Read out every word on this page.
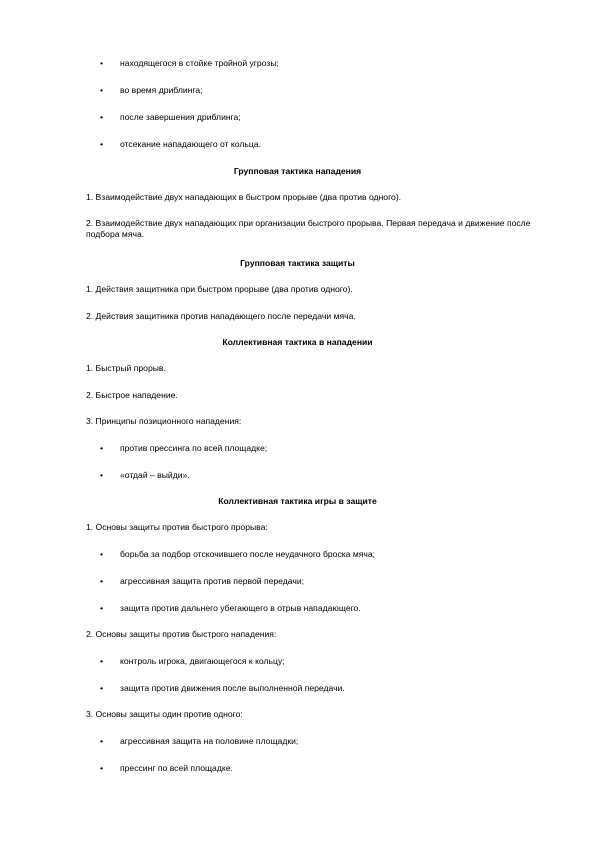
• находящегося в стойке тройной угрозы;
• во время дриблинга;
• после завершения дриблинга;
• отсекание нападающего от кольца.
Групповая тактика нападения
1. Взаимодействие двух нападающих в быстром прорыве (два против одного).
2. Взаимодействие двух нападающих при организации быстрого прорыва. Первая передача и движение после подбора мяча.
Групповая тактика защиты
1. Действия защитника при быстром прорыве (два против одного).
2. Действия защитника против нападающего после передачи мяча.
Коллективная тактика в нападении
1. Быстрый прорыв.
2. Быстрое нападение.
3. Принципы позиционного нападения:
• против прессинга по всей площадке;
• «отдай – выйди».
Коллективная тактика игры в защите
1. Основы защиты против быстрого прорыва:
• борьба за подбор отскочившего после неудачного броска мяча;
• агрессивная защита против первой передачи;
• защита против дальнего убегающего в отрыв нападающего.
2. Основы защиты против быстрого нападения:
• контроль игрока, двигающегося к кольцу;
• защита против движения после выполненной передачи.
3. Основы защиты один против одного:
• агрессивная защита на половине площадки;
• прессинг по всей площадке.
